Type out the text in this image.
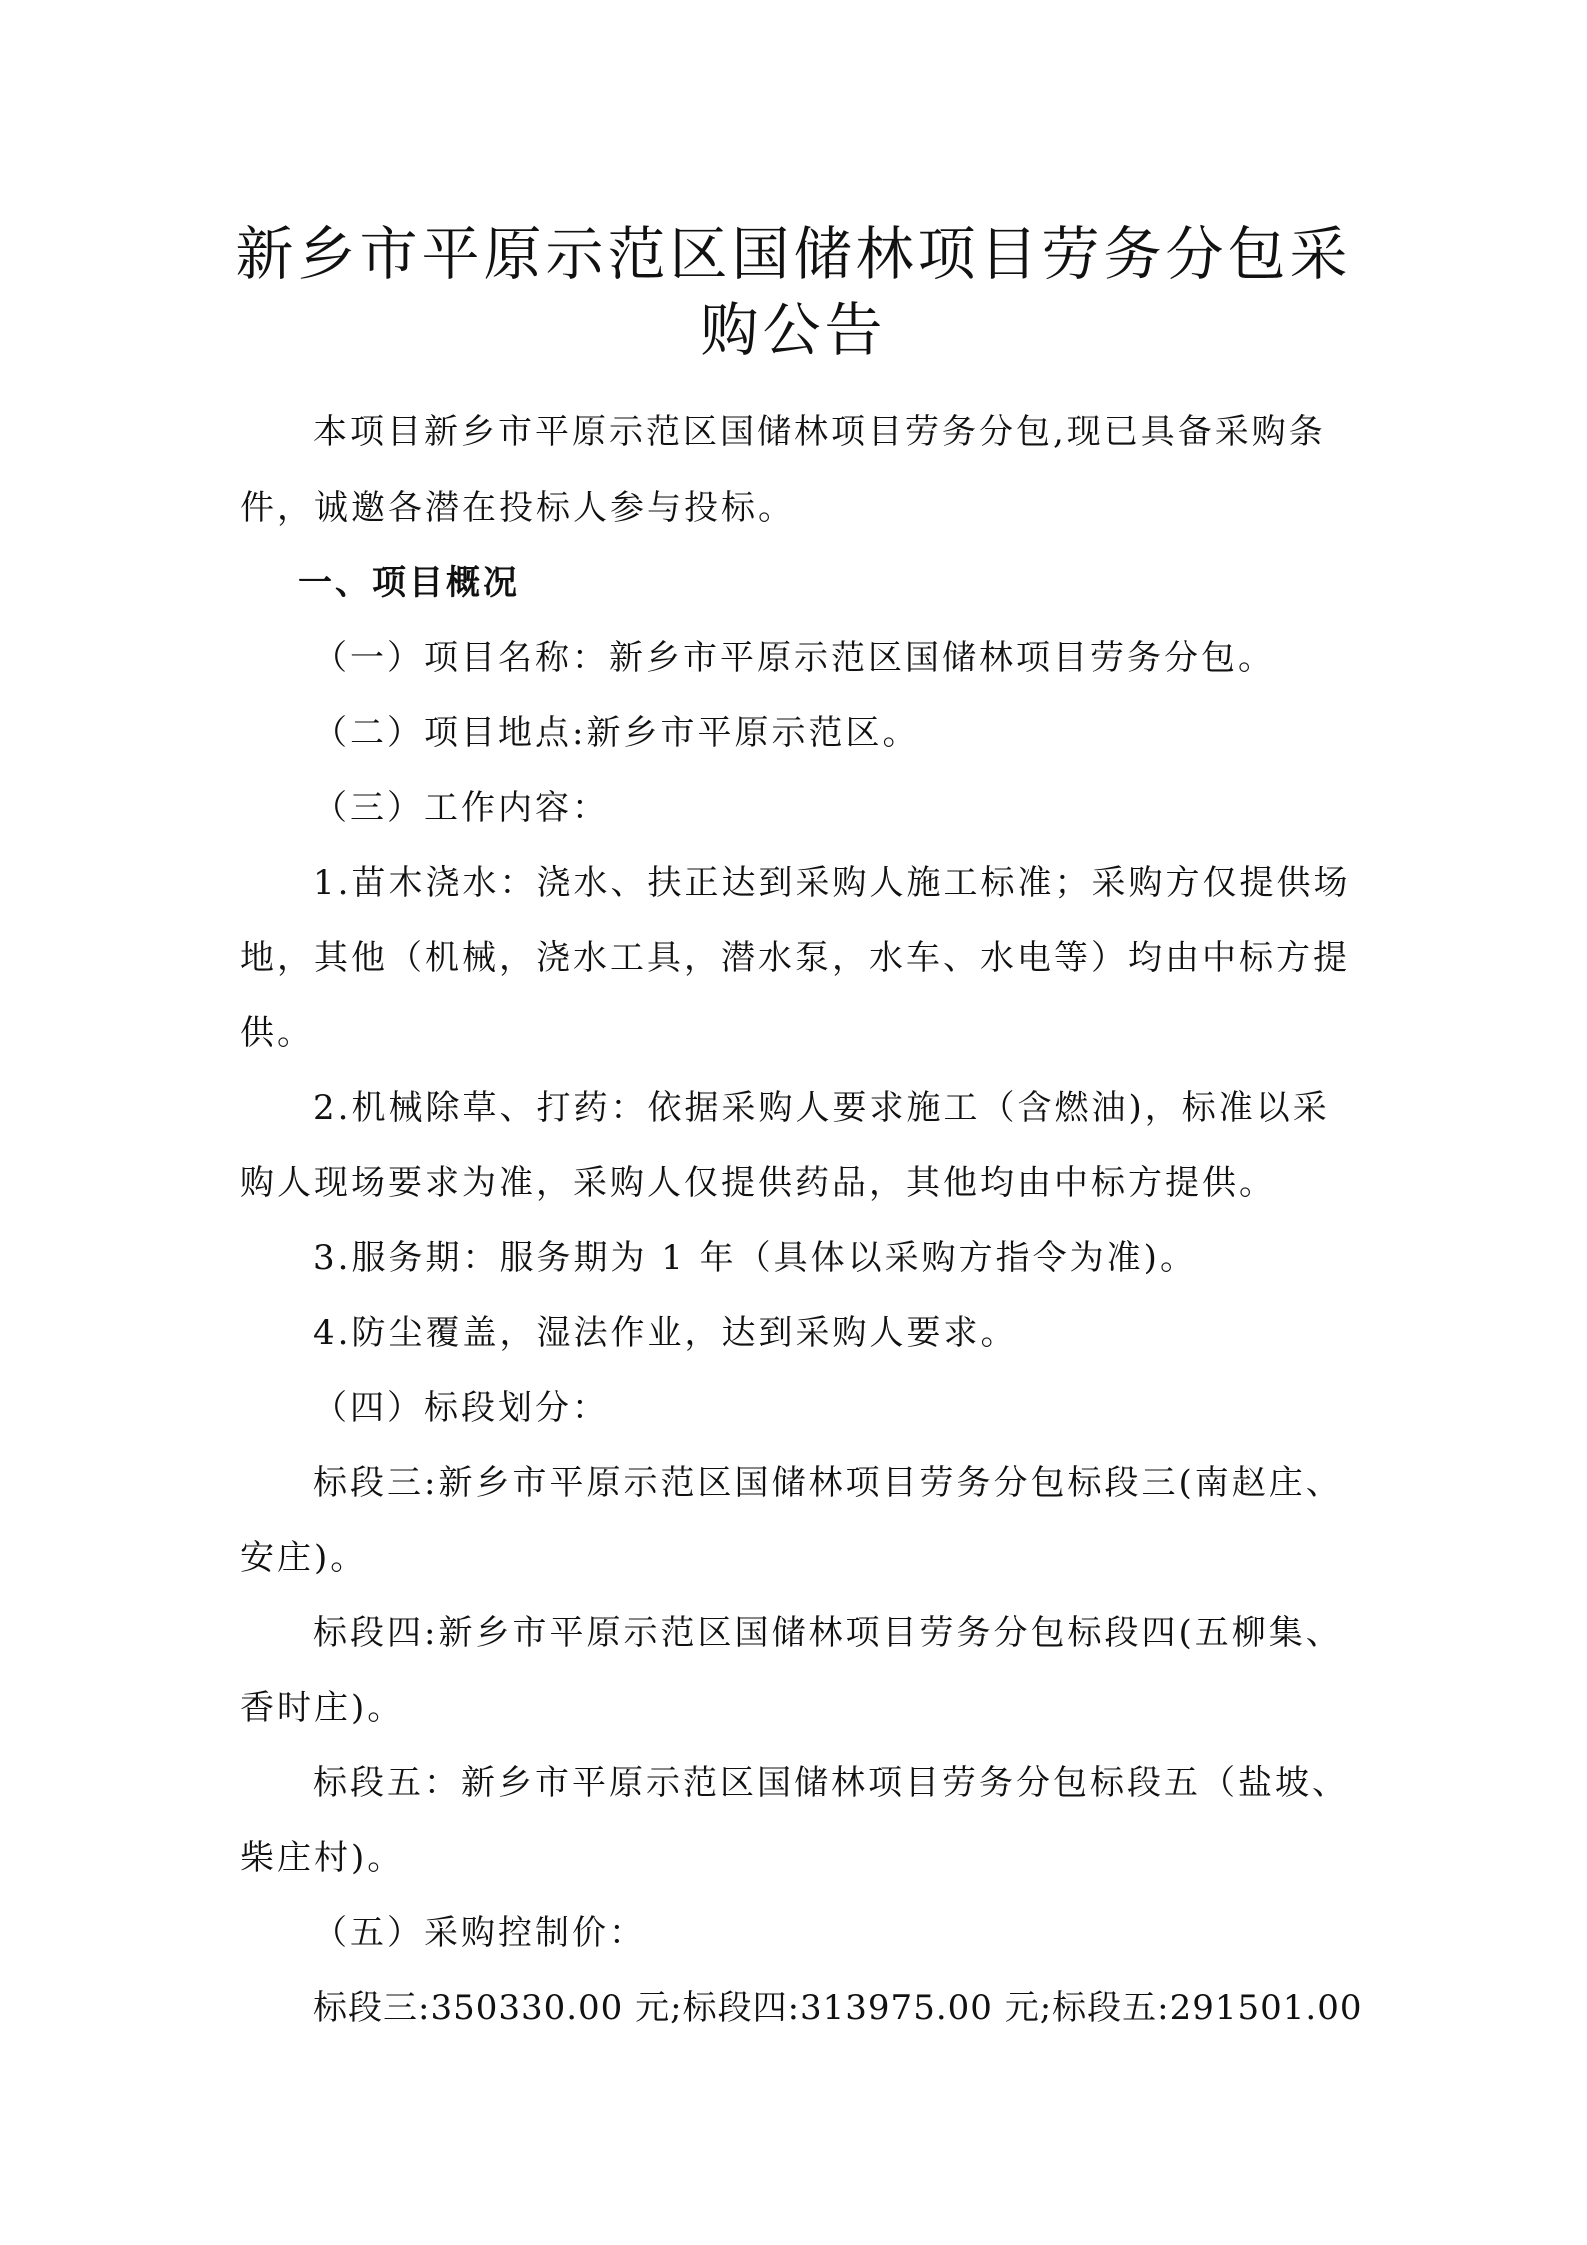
新乡市平原示范区国储林项目劳务分包采
购公告
本项目新乡市平原示范区国储林项目劳务分包,现已具备采购条
件，诚邀各潜在投标人参与投标。
一、项目概况
（一）项目名称：新乡市平原示范区国储林项目劳务分包。
（二）项目地点:新乡市平原示范区。
（三）工作内容：
1.苗木浇水：浇水、扶正达到采购人施工标准；采购方仅提供场
地，其他（机械，浇水工具，潜水泵，水车、水电等）均由中标方提
供。
2.机械除草、打药：依据采购人要求施工（含燃油)，标准以采
购人现场要求为准，采购人仅提供药品，其他均由中标方提供。
3.服务期：服务期为 1 年（具体以采购方指令为准)。
4.防尘覆盖，湿法作业，达到采购人要求。
（四）标段划分：
标段三:新乡市平原示范区国储林项目劳务分包标段三(南赵庄、
安庄)。
标段四:新乡市平原示范区国储林项目劳务分包标段四(五柳集、
香时庄)。
标段五：新乡市平原示范区国储林项目劳务分包标段五（盐坡、
柴庄村)。
（五）采购控制价：
标段三:350330.00 元;标段四:313975.00 元;标段五:291501.00
